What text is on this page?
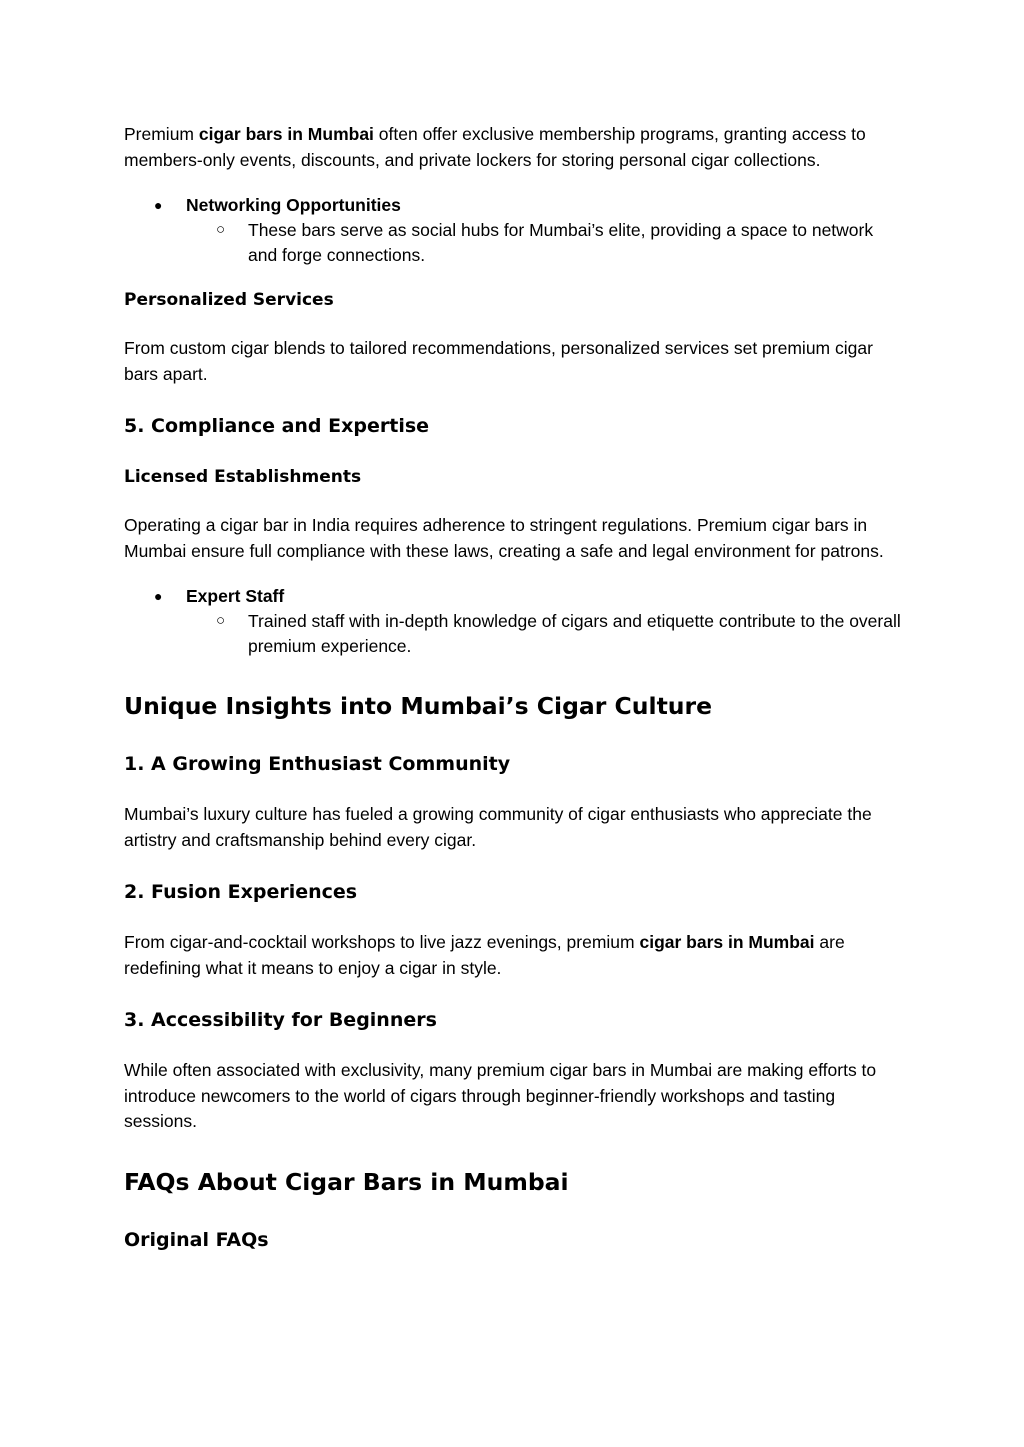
Premium cigar bars in Mumbai often offer exclusive membership programs, granting access to members-only events, discounts, and private lockers for storing personal cigar collections.

● Networking Opportunities
○ These bars serve as social hubs for Mumbai’s elite, providing a space to network and forge connections.

Personalized Services

From custom cigar blends to tailored recommendations, personalized services set premium cigar bars apart.

5. Compliance and Expertise

Licensed Establishments

Operating a cigar bar in India requires adherence to stringent regulations. Premium cigar bars in Mumbai ensure full compliance with these laws, creating a safe and legal environment for patrons.

● Expert Staff
○ Trained staff with in-depth knowledge of cigars and etiquette contribute to the overall premium experience.

Unique Insights into Mumbai’s Cigar Culture

1. A Growing Enthusiast Community

Mumbai’s luxury culture has fueled a growing community of cigar enthusiasts who appreciate the artistry and craftsmanship behind every cigar.

2. Fusion Experiences

From cigar-and-cocktail workshops to live jazz evenings, premium cigar bars in Mumbai are redefining what it means to enjoy a cigar in style.

3. Accessibility for Beginners

While often associated with exclusivity, many premium cigar bars in Mumbai are making efforts to introduce newcomers to the world of cigars through beginner-friendly workshops and tasting sessions.

FAQs About Cigar Bars in Mumbai

Original FAQs
